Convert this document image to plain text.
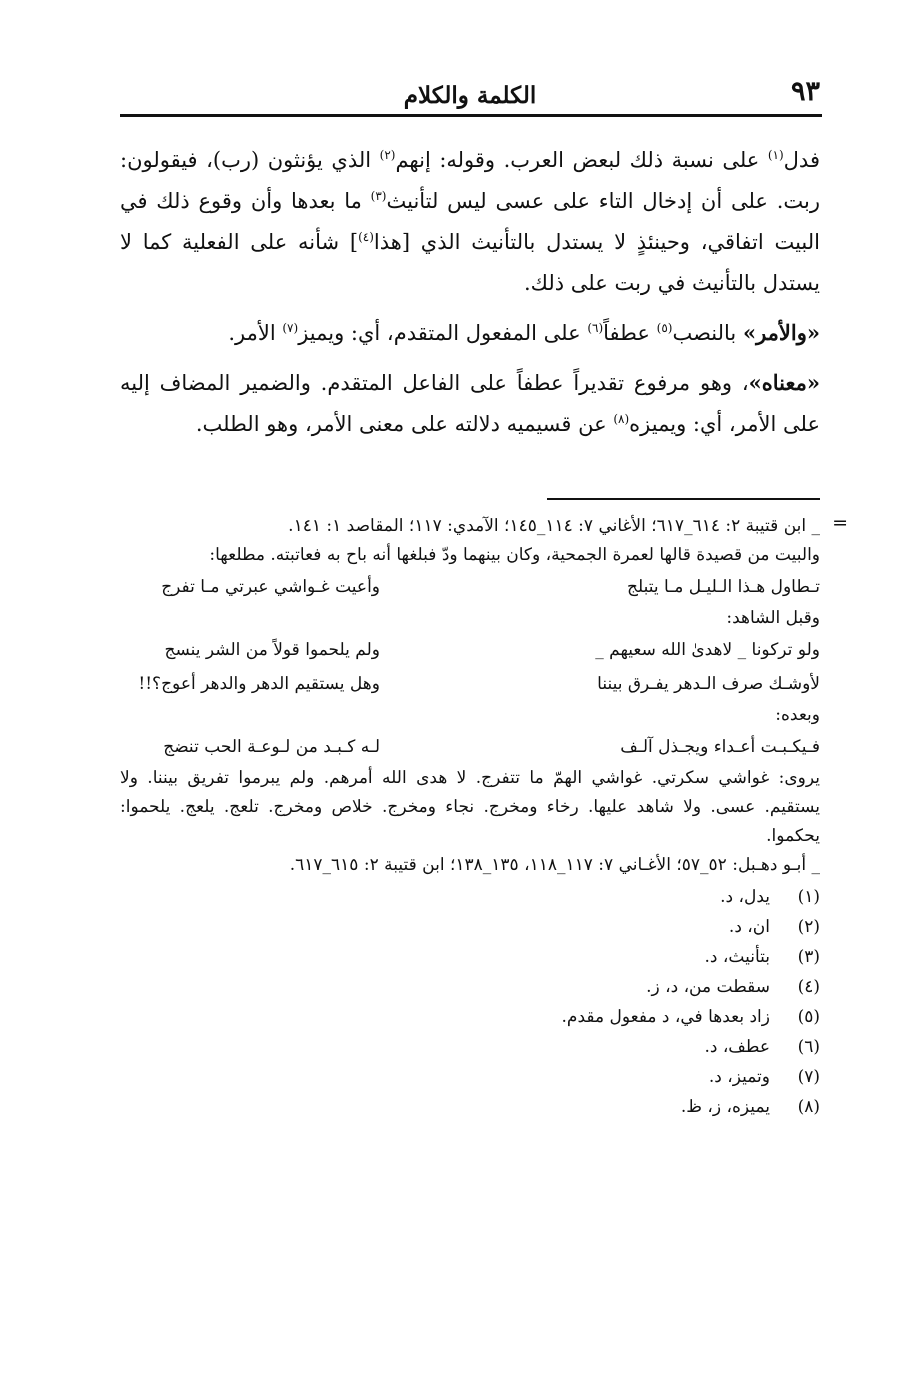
٩٣
الكلمة والكلام

فدل$^{(١)}$ على نسبة ذلك لبعض العرب. وقوله: إنهم$^{(٢)}$ الذي يؤنثون (رب)، فيقولون: ربت. على أن إدخال التاء على عسى ليس لتأنيث$^{(٣)}$ ما بعدها وأن وقوع ذلك في البيت اتفاقي، وحينئذٍ لا يستدل بالتأنيث الذي [هذا$^{(٤)}$] شأنه على الفعلية كما لا يستدل بالتأنيث في ربت على ذلك.

«والأمر» بالنصب$^{(٥)}$ عطفاً$^{(٦)}$ على المفعول المتقدم، أي: ويميز$^{(٧)}$ الأمر.

«معناه»، وهو مرفوع تقديراً عطفاً على الفاعل المتقدم. والضمير المضاف إليه على الأمر، أي: ويميزه$^{(٨)}$ عن قسيميه دلالته على معنى الأمر، وهو الطلب.

=
_ ابن قتيبة ٢: ٦١٤_٦١٧؛ الأغاني ٧: ١١٤_١٤٥؛ الآمدي: ١١٧؛ المقاصد ١: ١٤١.
والبيت من قصيدة قالها لعمرة الجمحية، وكان بينهما ودّ فبلغها أنه باح به فعاتبته. مطلعها:
تـطاول هـذا الـليـل مـا يتبلج
وأعيت غـواشي عبرتي مـا تفرج
وقبل الشاهد:
ولو تركونا _ لاهدىٰ الله سعيهم _
ولم يلحموا قولاً من الشر ينسج
لأوشـك صرف الـدهر يفـرق بيننا
وهل يستقيم الدهر والدهر أعوج؟!!
وبعده:
فـيكـبـت أعـداء ويجـذل آلـف
لـه كـبـد من لـوعـة الحب تنضج
يروى: غواشي سكرتي. غواشي الهمّ ما تتفرج. لا هدى الله أمرهم. ولم يبرموا تفريق بيننا. ولا يستقيم. عسى. ولا شاهد عليها. رخاء ومخرج. نجاء ومخرج. خلاص ومخرج. تلعج. يلعج. يلحموا: يحكموا.
_ أبـو دهـبل: ٥٢_٥٧؛ الأغـاني ٧: ١١٧_١١٨، ١٣٥_١٣٨؛ ابن قتيبة ٢: ٦١٥_٦١٧.
(١)
يدل، د.
(٢)
ان، د.
(٣)
بتأنيث، د.
(٤)
سقطت من، د، ز.
(٥)
زاد بعدها في، د مفعول مقدم.
(٦)
عطف، د.
(٧)
وتميز، د.
(٨)
يميزه، ز، ظ.
